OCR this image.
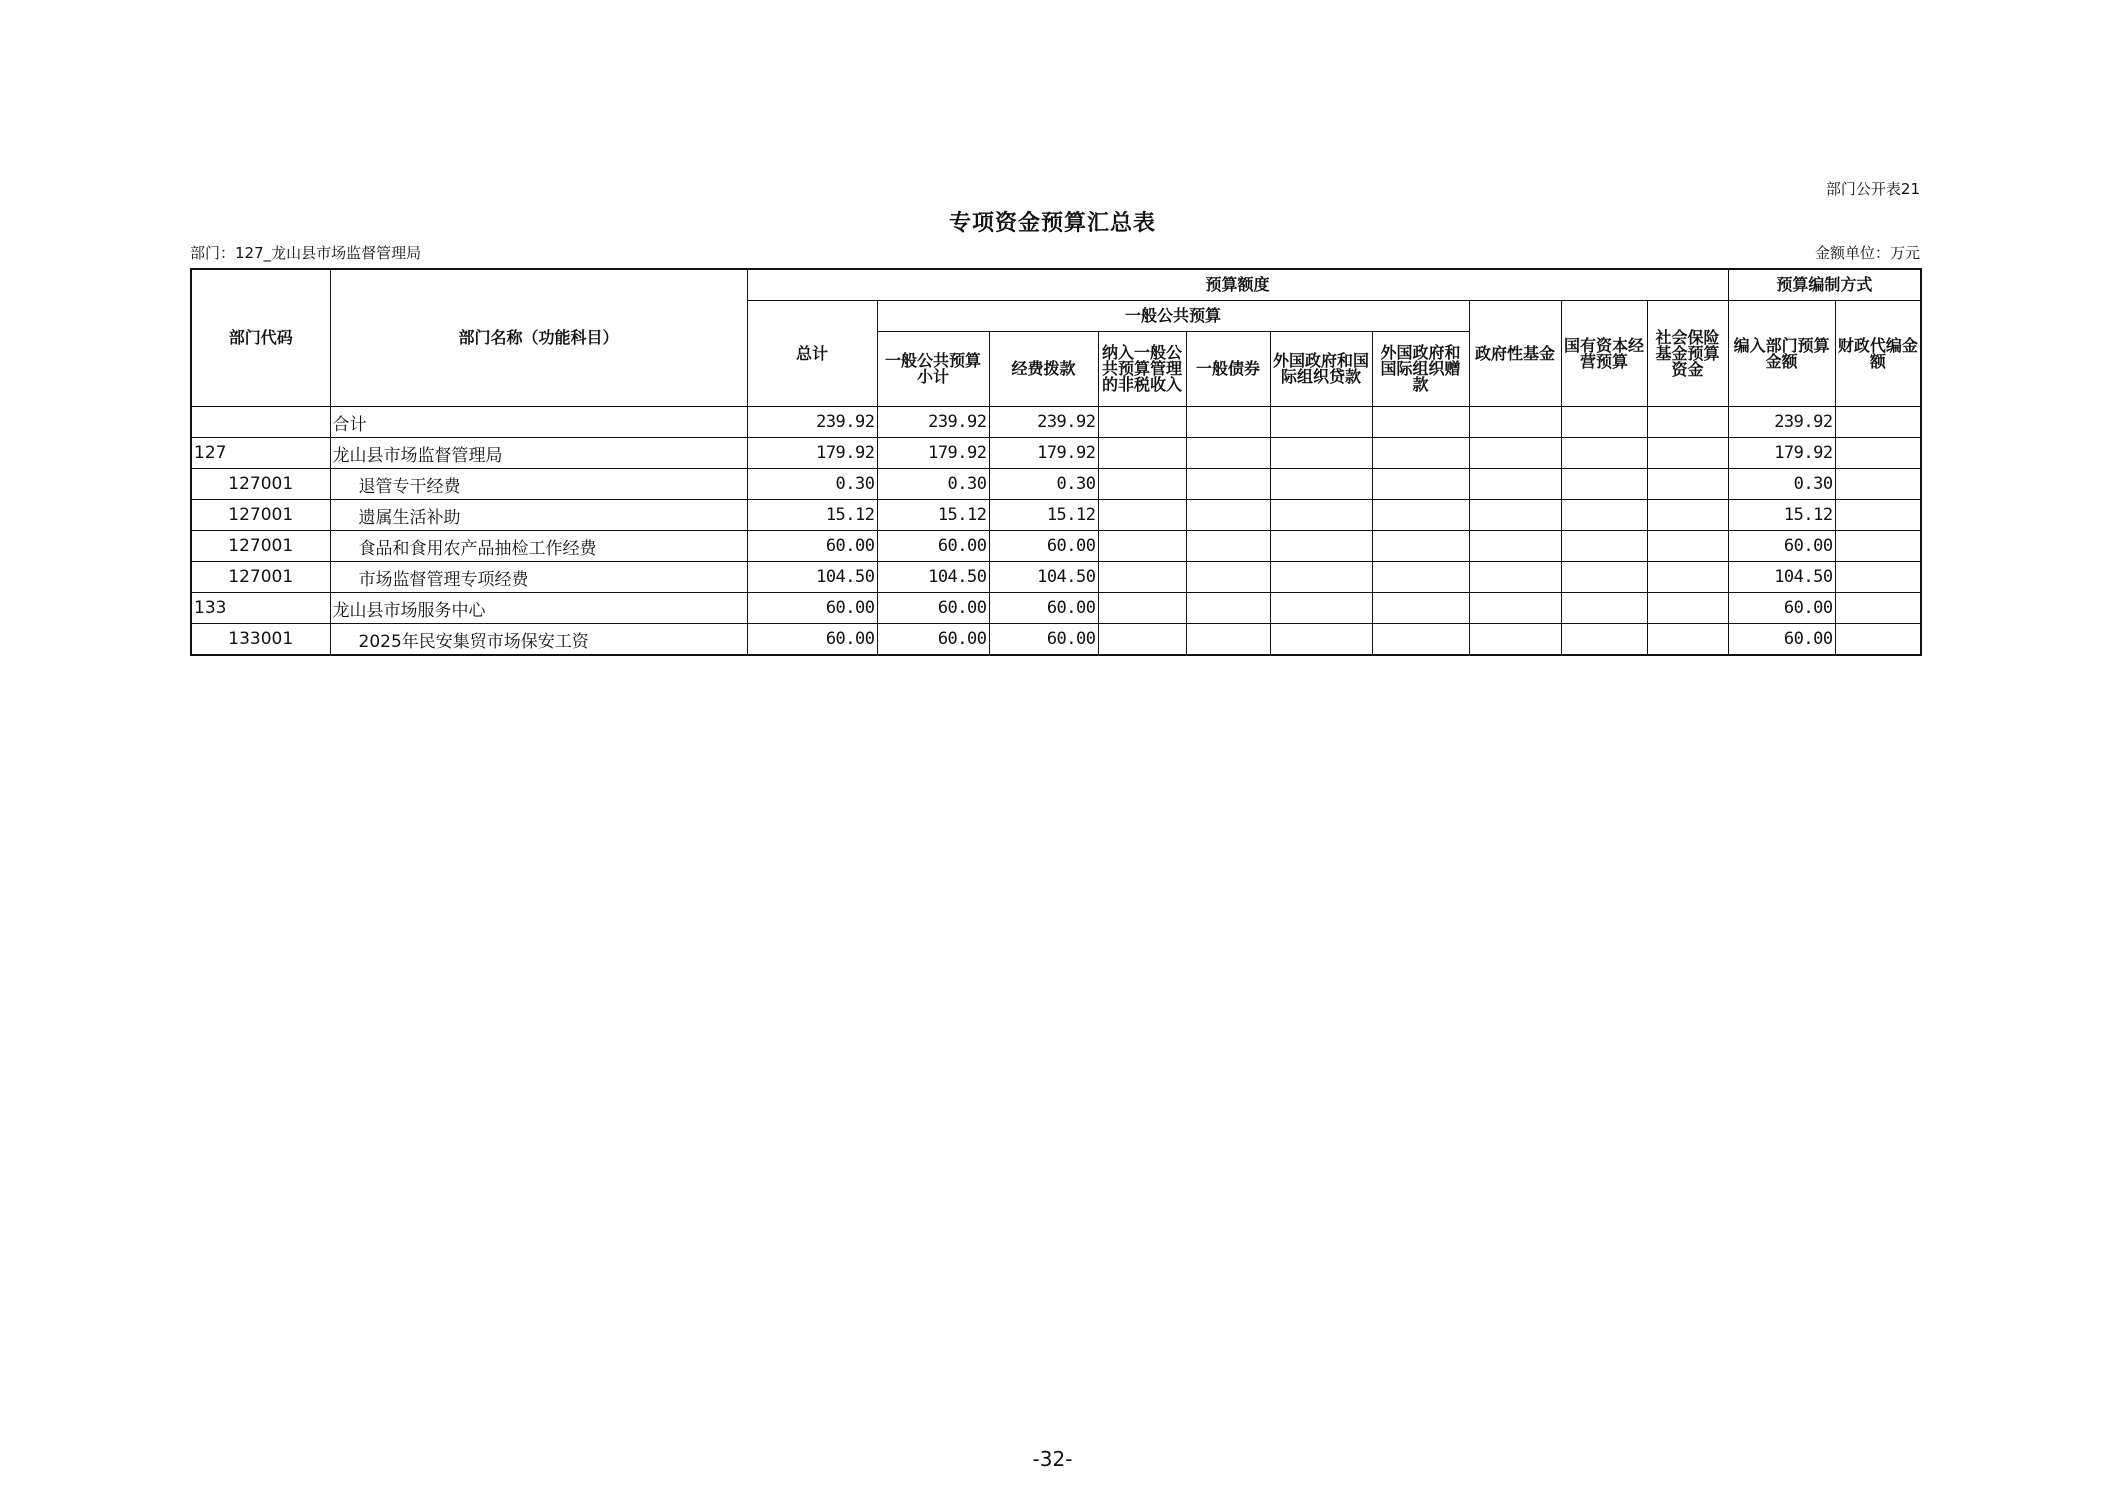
部门公开表21
专项资金预算汇总表
部门：127_龙山县市场监督管理局	金额单位：万元
部门代码	部门名称（功能科目）	预算额度										预算编制方式	
		总计	一般公共预算						政府性基金	国有资本经营预算	社会保险基金预算资金	编入部门预算金额	财政代编金额
			一般公共预算小计	经费拨款	纳入一般公共预算管理的非税收入	一般债券	外国政府和国际组织贷款	外国政府和国际组织赠款					
	合计	239.92	239.92	239.92								239.92	
127	龙山县市场监督管理局	179.92	179.92	179.92								179.92	
127001	退管专干经费	0.30	0.30	0.30								0.30	
127001	遗属生活补助	15.12	15.12	15.12								15.12	
127001	食品和食用农产品抽检工作经费	60.00	60.00	60.00								60.00	
127001	市场监督管理专项经费	104.50	104.50	104.50								104.50	
133	龙山县市场服务中心	60.00	60.00	60.00								60.00	
133001	2025年民安集贸市场保安工资	60.00	60.00	60.00								60.00	
-32-
